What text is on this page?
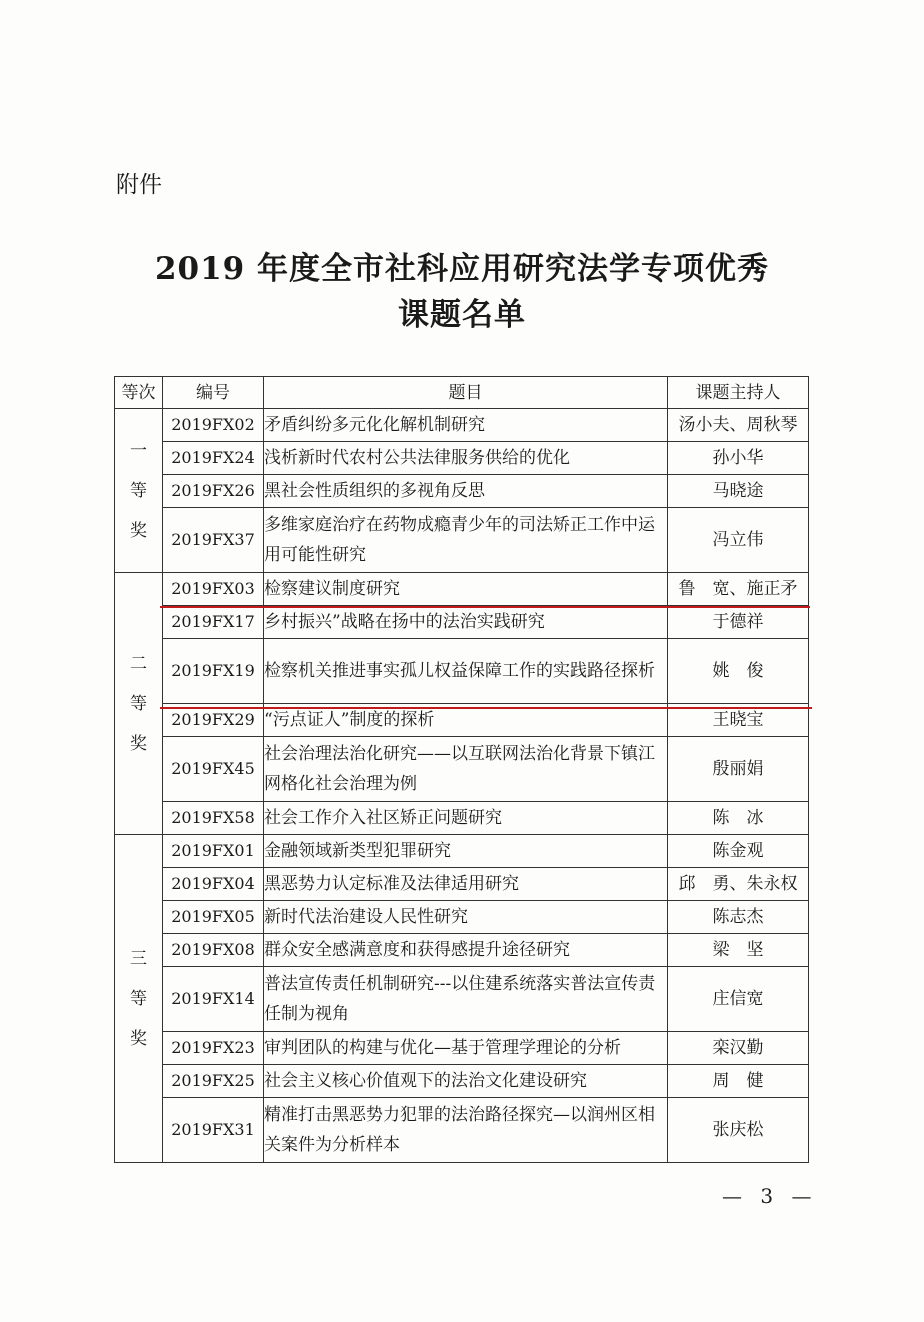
附件
2019 年度全市社科应用研究法学专项优秀
课题名单
等次	编号	题目	课题主持人

一
等
奖	2019FX02	矛盾纠纷多元化化解机制研究	汤小夫、周秋琴
	2019FX24	浅析新时代农村公共法律服务供给的优化	孙小华
	2019FX26	黑社会性质组织的多视角反思	马晓途
	2019FX37	多维家庭治疗在药物成瘾青少年的司法矫正工作中运用可能性研究	冯立伟

二
等
奖	2019FX03	检察建议制度研究	鲁　宽、施正矛
	2019FX17	乡村振兴”战略在扬中的法治实践研究	于德祥
	2019FX19	检察机关推进事实孤儿权益保障工作的实践路径探析	姚　俊
	2019FX29	“污点证人”制度的探析	王晓宝
	2019FX45	社会治理法治化研究——以互联网法治化背景下镇江网格化社会治理为例	殷丽娟
	2019FX58	社会工作介入社区矫正问题研究	陈　冰

三
等
奖	2019FX01	金融领域新类型犯罪研究	陈金观
	2019FX04	黑恶势力认定标准及法律适用研究	邱　勇、朱永权
	2019FX05	新时代法治建设人民性研究	陈志杰
	2019FX08	群众安全感满意度和获得感提升途径研究	梁　坚
	2019FX14	普法宣传责任机制研究---以住建系统落实普法宣传责任制为视角	庄信宽
	2019FX23	审判团队的构建与优化—基于管理学理论的分析	栾汉勤
	2019FX25	社会主义核心价值观下的法治文化建设研究	周　健
	2019FX31	精准打击黑恶势力犯罪的法治路径探究—以润州区相关案件为分析样本	张庆松
— 3 —
